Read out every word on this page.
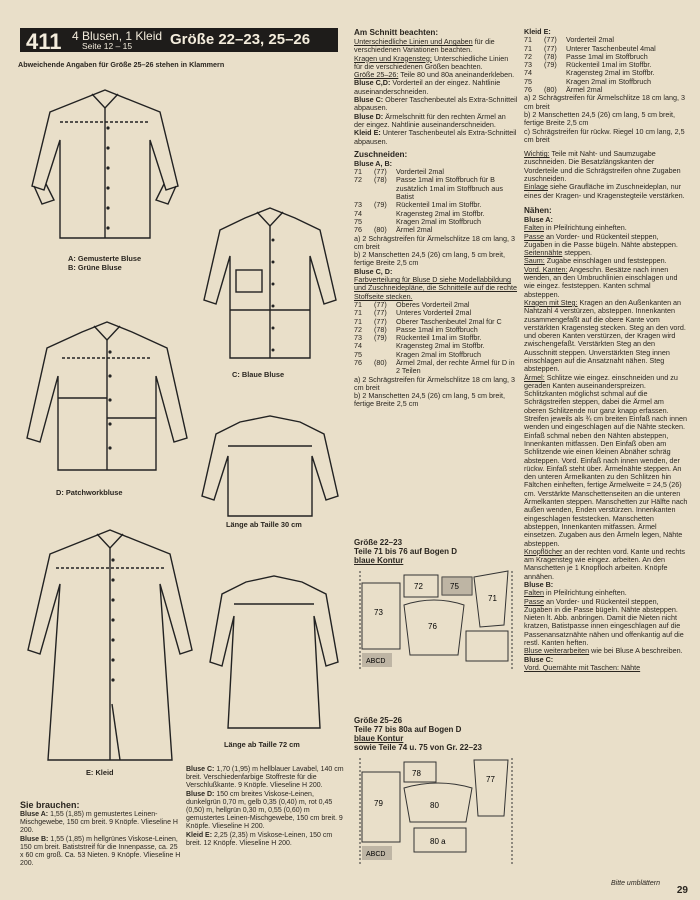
411 4 Blusen, 1 Kleid
Seite 12 – 15	Größe 22–23, 25–26
Abweichende Angaben für Größe 25–26 stehen in Klammern
A: Gemusterte Bluse
B: Grüne Bluse
C: Blaue Bluse
D: Patchworkbluse
Länge ab Taille 30 cm
E: Kleid
Länge ab Taille 72 cm
Sie brauchen:
Bluse A: 1,55 (1,85) m gemustertes Leinen-Mischgewebe, 150 cm breit. 9 Knöpfe. Vlieseline H 200.
Bluse B: 1,55 (1,85) m hellgrünes Viskose-Leinen, 150 cm breit. Batiststreif für die Innenpasse, ca. 25 x 60 cm groß. Ca. 53 Nieten. 9 Knöpfe. Vlieseline H 200.
Bluse C: 1,70 (1,95) m hellblauer Lavabel, 140 cm breit. Verschiedenfarbige Stoffreste für die Verschlußkante. 9 Knöpfe. Vlieseline H 200.
Bluse D: 150 cm breites Viskose-Leinen, dunkelgrün 0,70 m, gelb 0,35 (0,40) m, rot 0,45 (0,50) m, hellgrün 0,30 m, 0,55 (0,60) m gemustertes Leinen-Mischgewebe, 150 cm breit. 9 Knöpfe. Vlieseline H 200.
Kleid E: 2,25 (2,35) m Viskose-Leinen, 150 cm breit. 12 Knöpfe. Vlieseline H 200.
Am Schnitt beachten:

Unterschiedliche Linien und Angaben für die verschiedenen Variationen beachten.

Kragen und Kragensteg: Unterschiedliche Linien für die verschiedenen Größen beachten.

Größe 25–26: Teile 80 und 80a aneinanderkleben.

Bluse C,D: Vorderteil an der eingez. Nahtlinie auseinanderschneiden.

Bluse C: Oberer Taschenbeutel als Extra-Schnitteil abpausen.

Bluse D: Ärmelschnitt für den rechten Ärmel an der eingez. Nahtlinie auseinanderschneiden.

Kleid E: Unterer Taschenbeutel als Extra-Schnitteil abpausen.

Zuschneiden:

Bluse A, B:

71	(77)	Vorderteil 2mal
72	(78)	Passe 1mal im Stoffbruch für B zusätzlich 1mal im Stoffbruch aus Batist
73	(79)	Rückenteil 1mal im Stoffbr.
74	Kragensteg 2mal im Stoffbr.
75	Kragen 2mal im Stoffbruch
76	(80)	Ärmel 2mal

a) 2 Schrägstreifen für Ärmelschlitze 18 cm lang, 3 cm breit

b) 2 Manschetten 24,5 (26) cm lang, 5 cm breit, fertige Breite 2,5 cm

Bluse C, D:

Farbverteilung für Bluse D siehe Modellabbildung und Zuschneidepläne, die Schnitteile auf die rechte Stoffseite stecken.

71	(77)	Oberes Vorderteil 2mal
71	(77)	Unteres Vorderteil 2mal
71	(77)	Oberer Taschenbeutel 2mal für C
72	(78)	Passe 1mal im Stoffbruch
73	(79)	Rückenteil 1mal im Stoffbr.
74	Kragensteg 2mal im Stoffbr.
75	Kragen 2mal im Stoffbruch
76	(80)	Ärmel 2mal, der rechte Ärmel für D in 2 Teilen

a) 2 Schrägstreifen für Ärmelschlitze 18 cm lang, 3 cm breit

b) 2 Manschetten 24,5 (26) cm lang, 5 cm breit, fertige Breite 2,5 cm

Größe 22–23
Teile 71 bis 76 auf Bogen D
blaue Kontur
73
72	75
71
76
ABCD
Größe 25–26
Teile 77 bis 80a auf Bogen D
blaue Kontur
sowie Teile 74 u. 75 von Gr. 22–23
79
78
80
80 a
77
ABCD

Kleid E:

71	(77)	Vorderteil 2mal
71	(77)	Unterer Taschenbeutel 4mal
72	(78)	Passe 1mal im Stoffbruch
73	(79)	Rückenteil 1mal im Stoffbr.
74	Kragensteg 2mal im Stoffbr.
75	Kragen 2mal im Stoffbruch
76	(80)	Ärmel 2mal

a) 2 Schrägstreifen für Ärmelschlitze 18 cm lang, 3 cm breit

b) 2 Manschetten 24,5 (26) cm lang, 5 cm breit, fertige Breite 2,5 cm

c) Schrägstreifen für rückw. Riegel 10 cm lang, 2,5 cm breit

Wichtig: Teile mit Naht- und Saumzugabe zuschneiden. Die Besatzlängskanten der Vorderteile und die Schrägstreifen ohne Zugaben zuschneiden.

Einlage siehe Graufläche im Zuschneideplan, nur eines der Kragen- und Kragenstegteile verstärken.

Nähen:

Bluse A:

Falten in Pfeilrichtung einheften.

Passe an Vorder- und Rückenteil steppen, Zugaben in die Passe bügeln. Nähte absteppen.

Seitennähte steppen.

Saum: Zugabe einschlagen und feststeppen.

Vord. Kanten: Angeschn. Besätze nach innen wenden, an den Umbruchlinien einschlagen und wie eingez. feststeppen. Kanten schmal absteppen.

Kragen mit Steg: Kragen an den Außenkanten an Nahtzahl 4 verstürzen, absteppen. Innenkanten zusammengefaßt auf die obere Kante vom verstärkten Kragensteg stecken. Steg an den vord. und oberen Kanten verstürzen, der Kragen wird zwischengefaßt. Verstärkten Steg an den Ausschnitt steppen. Unverstärkten Steg innen einschlagen auf die Ansatznaht nähen. Steg absteppen.

Ärmel: Schlitze wie eingez. einschneiden und zu geraden Kanten auseinanderspreizen. Schlitzkanten möglichst schmal auf die Schrägstreifen steppen, dabei die Ärmel am oberen Schlitzende nur ganz knapp erfassen. Streifen jeweils als ¾ cm breiten Einfaß nach innen wenden und eingeschlagen auf die Nähte stecken. Einfaß schmal neben den Nähten absteppen, Innenkanten mitfassen. Den Einfaß oben am Schlitzende wie einen kleinen Abnäher schräg absteppen. Vord. Einfaß nach innen wenden, der rückw. Einfaß steht über. Ärmelnähte steppen. An den unteren Ärmelkanten zu den Schlitzen hin Fältchen einheften, fertige Ärmelweite = 24,5 (26) cm. Verstärkte Manschettenseiten an die unteren Ärmelkanten steppen. Manschetten zur Hälfte nach außen wenden, Enden verstürzen. Innenkanten eingeschlagen feststecken. Manschetten absteppen, Innenkanten mitfassen. Ärmel einsetzen. Zugaben aus den Ärmeln legen, Nähte absteppen.

Knopflöcher an der rechten vord. Kante und rechts am Kragensteg wie eingez. arbeiten. An den Manschetten je 1 Knopfloch arbeiten. Knöpfe annähen.

Bluse B:

Falten in Pfeilrichtung einheften.

Passe an Vorder- und Rückenteil steppen, Zugaben in die Passe bügeln. Nähte absteppen. Nieten lt. Abb. anbringen. Damit die Nieten nicht kratzen, Batistpasse innen eingeschlagen auf die Passenansatznähte nähen und offenkantig auf die restl. Kanten heften.

Bluse weiterarbeiten wie bei Bluse A beschreiben.

Bluse C:

Vord. Quernähte mit Taschen: Nähte

Bitte umblättern
29
